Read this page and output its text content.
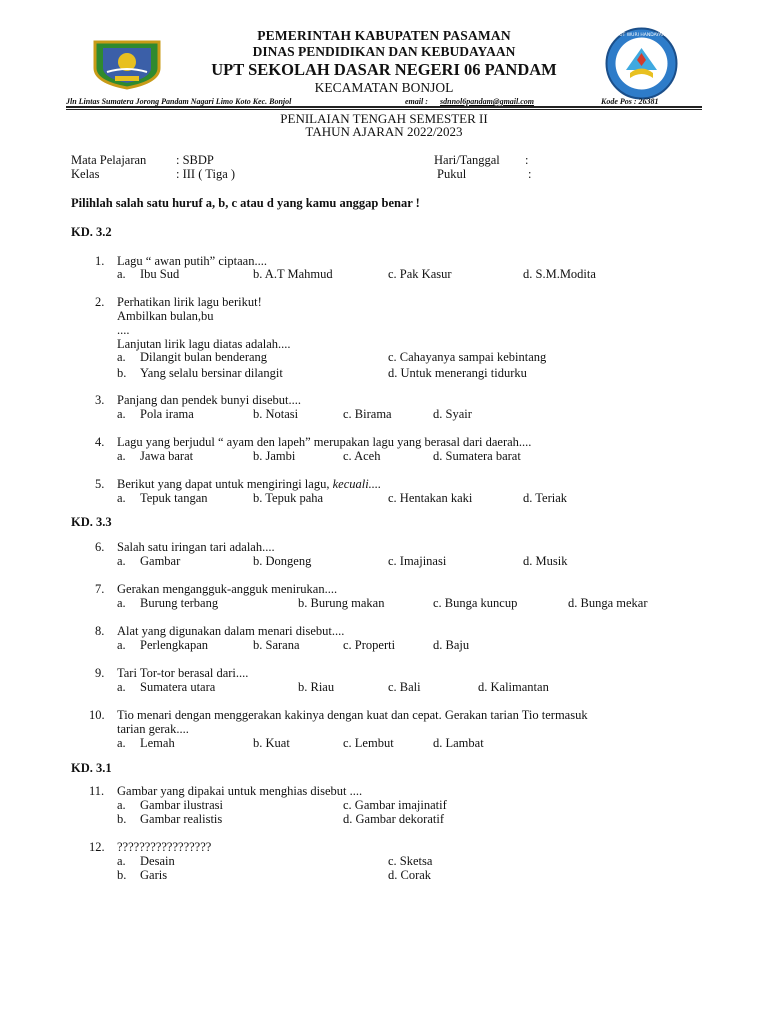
TUT WURI HANDAYANI
PEMERINTAH KABUPATEN PASAMAN
DINAS PENDIDIKAN DAN KEBUDAYAAN
UPT SEKOLAH DASAR NEGERI 06 PANDAM
KECAMATAN BONJOL
Jln Lintas Sumatera Jorong Pandam Nagari Limo Koto Kec. Bonjol	email : sdnnol6pandam@gmail.com	Kode Pos : 26381
PENILAIAN TENGAH SEMESTER II
TAHUN AJARAN 2022/2023
Mata Pelajaran : SBDP
Kelas	: III ( Tiga )
Hari/Tanggal :
Pukul	:
Pilihlah salah satu huruf a, b, c atau d yang kamu anggap benar !
KD. 3.2
1. Lagu “ awan putih” ciptaan....
a. Ibu Sud	b. A.T Mahmud	c. Pak Kasur	d. S.M.Modita
2. Perhatikan lirik lagu berikut!
Ambilkan bulan,bu
....
Lanjutan lirik lagu diatas adalah....
a. Dilangit bulan benderang	c. Cahayanya sampai kebintang
b. Yang selalu bersinar dilangit	d. Untuk menerangi tidurku
3. Panjang dan pendek bunyi disebut....
a. Pola irama	b. Notasi	c. Birama	d. Syair
4. Lagu yang berjudul “ ayam den lapeh” merupakan lagu yang berasal dari daerah....
a. Jawa barat	b. Jambi	c. Aceh	d. Sumatera barat
5. Berikut yang dapat untuk mengiringi lagu, kecuali....
a. Tepuk tangan	b. Tepuk paha	c. Hentakan kaki	d. Teriak
KD. 3.3
6. Salah satu iringan tari adalah....
a. Gambar	b. Dongeng	c. Imajinasi	d. Musik
7. Gerakan mengangguk-angguk menirukan....
a. Burung terbang	b. Burung makan	c. Bunga kuncup	d. Bunga mekar
8. Alat yang digunakan dalam menari disebut....
a. Perlengkapan	b. Sarana	c. Properti	d. Baju
9. Tari Tor-tor berasal dari....
a. Sumatera utara	b. Riau	c. Bali	d. Kalimantan
10. Tio menari dengan menggerakan kakinya dengan kuat dan cepat. Gerakan tarian Tio termasuk
tarian gerak....
a. Lemah	b. Kuat	c. Lembut	d. Lambat
KD. 3.1
11. Gambar yang dipakai untuk menghias disebut ....
a. Gambar ilustrasi	c. Gambar imajinatif
b. Gambar realistis	d. Gambar dekoratif
12. ?????????????????
a. Desain	c. Sketsa
b. Garis	d. Corak
